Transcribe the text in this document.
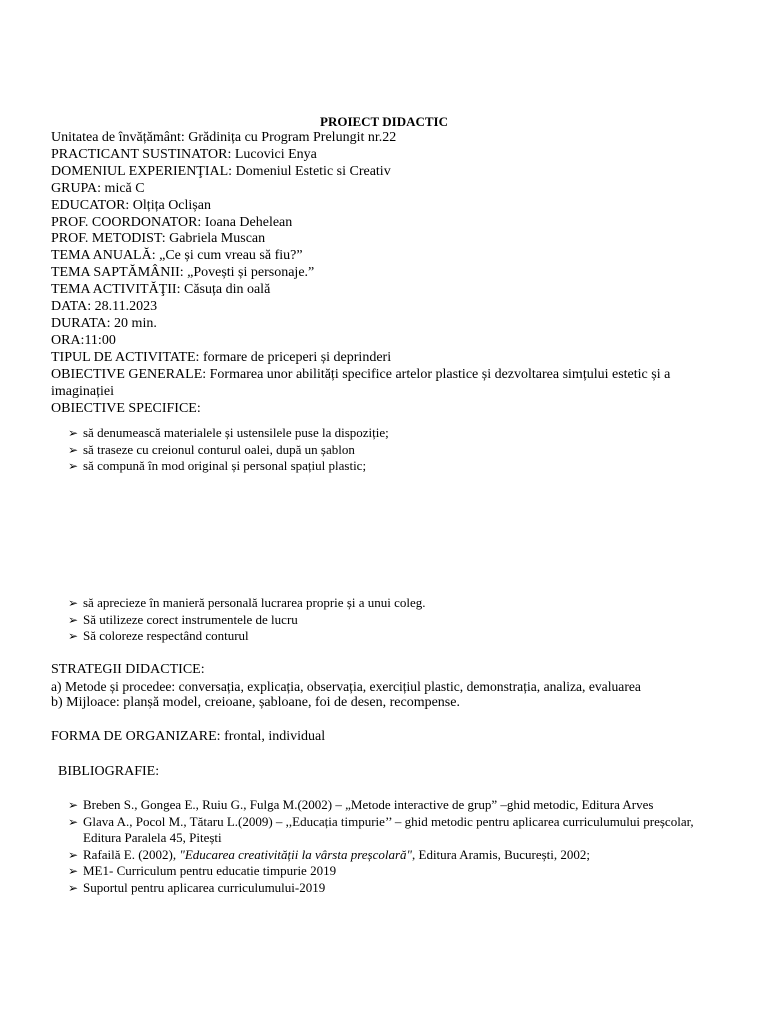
PROIECT DIDACTIC
Unitatea de învățământ: Grădinița cu Program Prelungit nr.22
PRACTICANT SUSTINATOR: Lucovici Enya
DOMENIUL EXPERIENŢIAL: Domeniul Estetic si Creativ
GRUPA: mică C
EDUCATOR: Olțița Oclișan
PROF. COORDONATOR: Ioana Dehelean
PROF. METODIST: Gabriela Muscan
TEMA ANUALĂ: „Ce și cum vreau să fiu?”
TEMA SAPTĂMÂNII: „Povești și personaje.”
TEMA ACTIVITĂŢII: Căsuța din oală
DATA: 28.11.2023
DURATA: 20 min.
ORA:11:00
TIPUL DE ACTIVITATE: formare de priceperi și deprinderi
OBIECTIVE GENERALE: Formarea unor abilități specifice artelor plastice și dezvoltarea simțului estetic și a imaginației
OBIECTIVE SPECIFICE:
➢ să denumească materialele și ustensilele puse la dispoziție;
➢ să traseze cu creionul conturul oalei, după un șablon
➢ să compună în mod original și personal spațiul plastic;
➢ să aprecieze în manieră personală lucrarea proprie și a unui coleg.
➢ Să utilizeze corect instrumentele de lucru
➢ Să coloreze respectând conturul
STRATEGII DIDACTICE:
a) Metode și procedee: conversația, explicația, observația, exercițiul plastic, demonstrația, analiza, evaluarea
b) Mijloace: planșă model, creioane, șabloane, foi de desen, recompense.
FORMA DE ORGANIZARE: frontal, individual
BIBLIOGRAFIE:
➢ Breben S., Gongea E., Ruiu G., Fulga M.(2002) – „Metode interactive de grup” –ghid metodic, Editura Arves
➢ Glava A., Pocol M., Tătaru L.(2009) – ,,Educația timpurie’’ – ghid metodic pentru aplicarea curriculumului preșcolar, Editura Paralela 45, Pitești
➢ Rafailă E. (2002), "Educarea creativității la vârsta preșcolară", Editura Aramis, București, 2002;
➢ ME1- Curriculum pentru educatie timpurie 2019
➢ Suportul pentru aplicarea curriculumului-2019
